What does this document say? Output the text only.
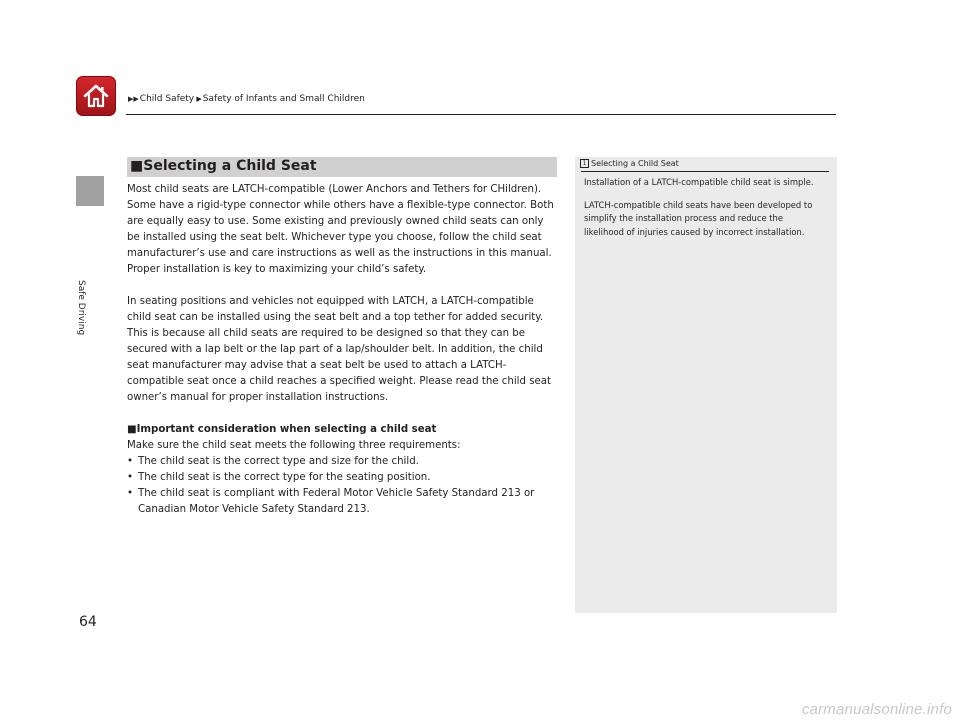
▶▶Child Safety ▶Safety of Infants and Small Children
Safe Driving
■Selecting a Child Seat

Most child seats are LATCH-compatible (Lower Anchors and Tethers for CHildren). Some have a rigid-type connector while others have a flexible-type connector. Both are equally easy to use. Some existing and previously owned child seats can only be installed using the seat belt. Whichever type you choose, follow the child seat manufacturer’s use and care instructions as well as the instructions in this manual. Proper installation is key to maximizing your child’s safety.

In seating positions and vehicles not equipped with LATCH, a LATCH-compatible child seat can be installed using the seat belt and a top tether for added security. This is because all child seats are required to be designed so that they can be secured with a lap belt or the lap part of a lap/shoulder belt. In addition, the child seat manufacturer may advise that a seat belt be used to attach a LATCH-compatible seat once a child reaches a specified weight. Please read the child seat owner’s manual for proper installation instructions.

■Important consideration when selecting a child seat
Make sure the child seat meets the following three requirements:
• The child seat is the correct type and size for the child.
• The child seat is the correct type for the seating position.
• The child seat is compliant with Federal Motor Vehicle Safety Standard 213 or Canadian Motor Vehicle Safety Standard 213.
1 Selecting a Child Seat

Installation of a LATCH-compatible child seat is simple.

LATCH-compatible child seats have been developed to simplify the installation process and reduce the likelihood of injuries caused by incorrect installation.

64
carmanualsonline.info
